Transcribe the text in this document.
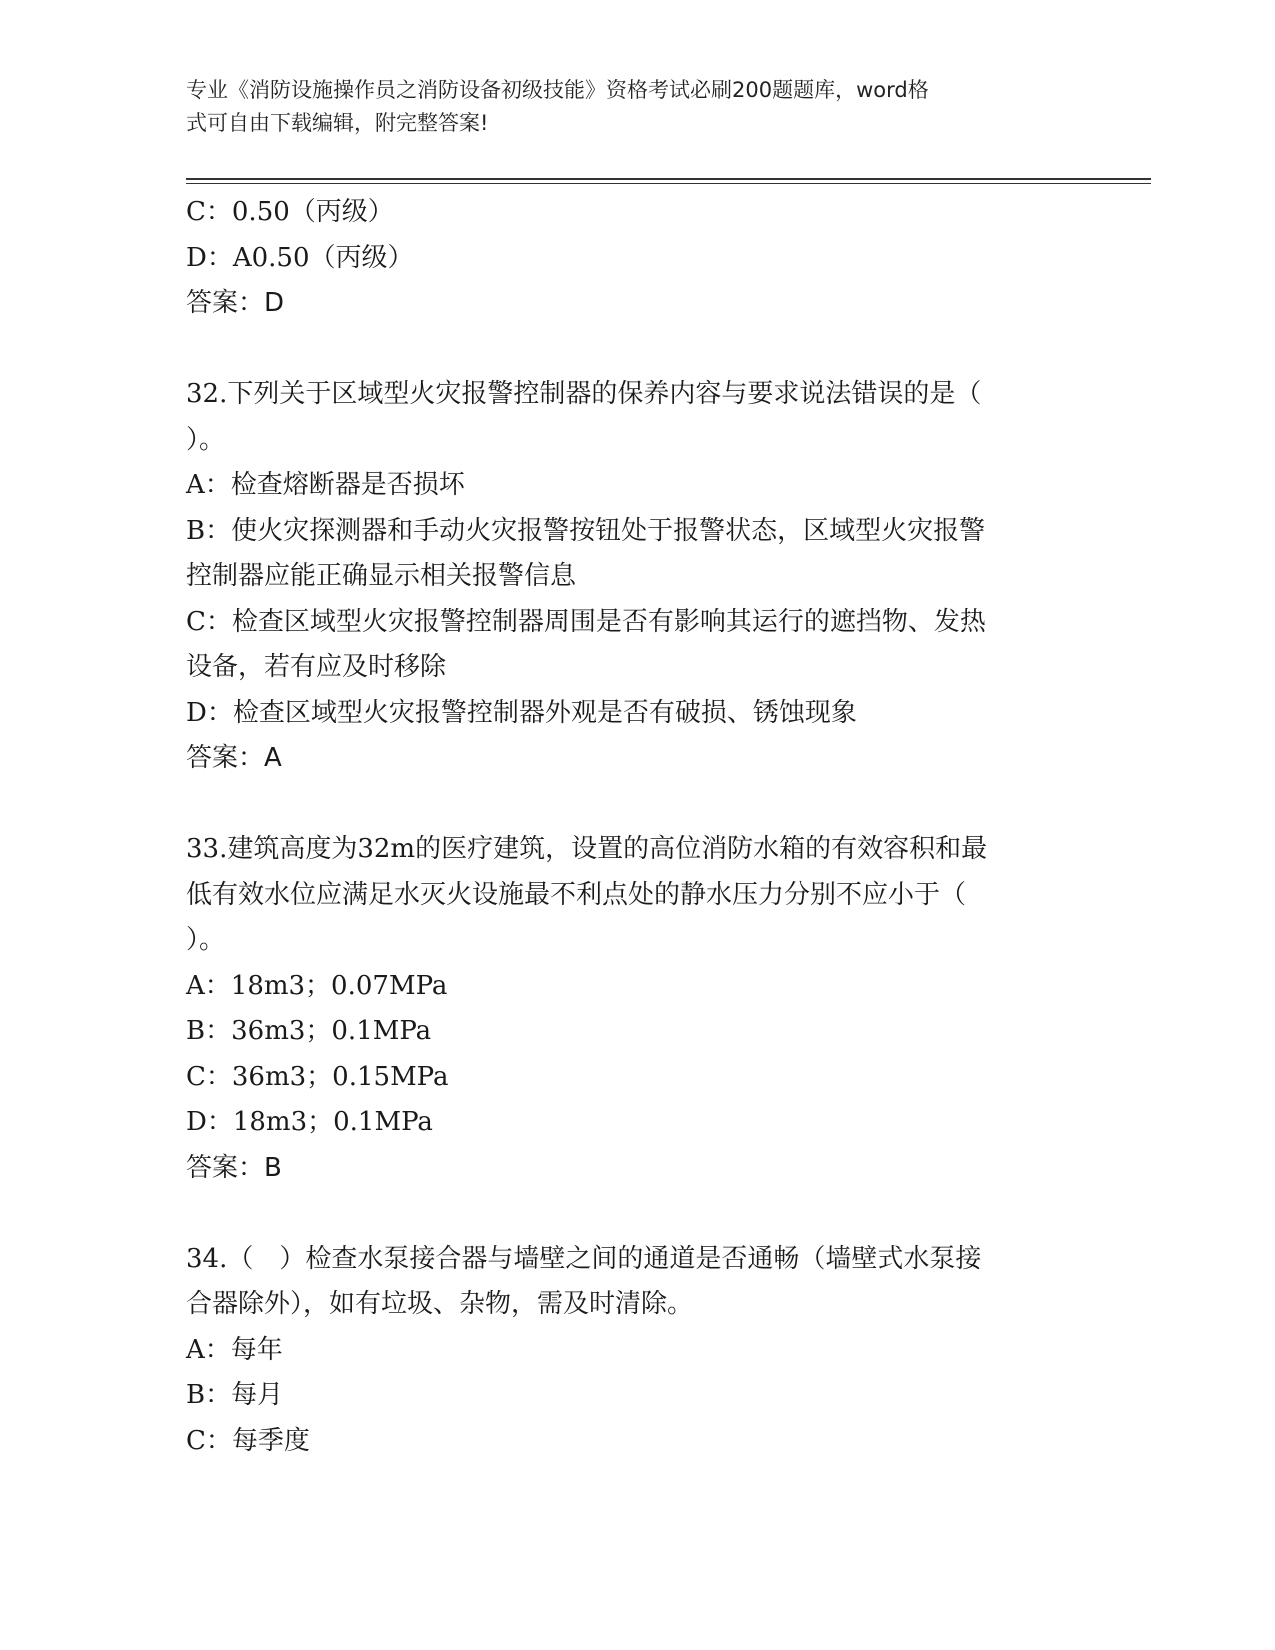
专业《消防设施操作员之消防设备初级技能》资格考试必刷200题题库，word格
式可自由下载编辑，附完整答案!

C：0.50（丙级）

D：A0.50（丙级）

答案：D

32.下列关于区域型火灾报警控制器的保养内容与要求说法错误的是（

）。

A：检查熔断器是否损坏

B：使火灾探测器和手动火灾报警按钮处于报警状态，区域型火灾报警

控制器应能正确显示相关报警信息

C：检查区域型火灾报警控制器周围是否有影响其运行的遮挡物、发热

设备，若有应及时移除

D：检查区域型火灾报警控制器外观是否有破损、锈蚀现象

答案：A

33.建筑高度为32m的医疗建筑，设置的高位消防水箱的有效容积和最

低有效水位应满足水灭火设施最不利点处的静水压力分别不应小于（

）。

A：18m3；0.07MPa

B：36m3；0.1MPa

C：36m3；0.15MPa

D：18m3；0.1MPa

答案：B

34.（　）检查水泵接合器与墙壁之间的通道是否通畅（墙壁式水泵接

合器除外），如有垃圾、杂物，需及时清除。

A：每年

B：每月

C：每季度
